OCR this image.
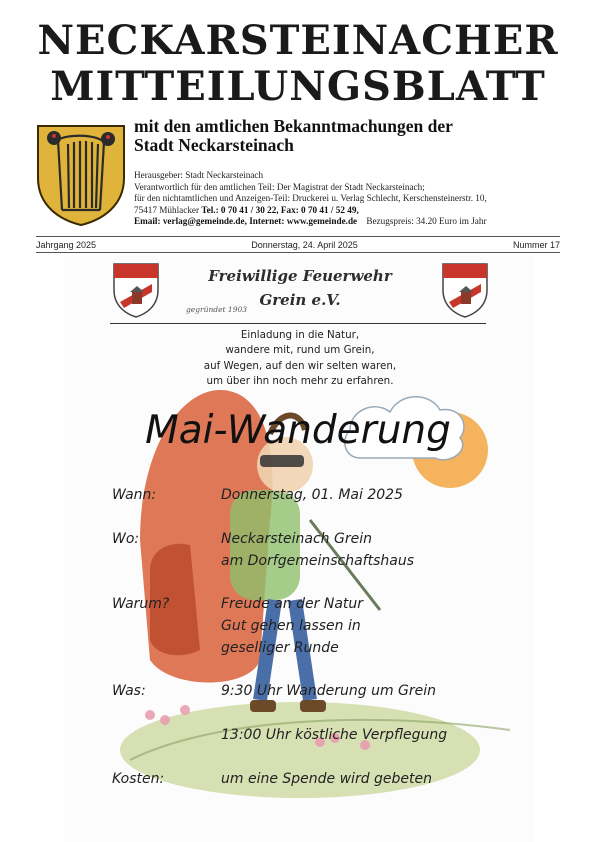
NECKARSTEINACHER
MITTEILUNGSBLATT
mit den amtlichen Bekanntmachungen der
Stadt Neckarsteinach
Herausgeber: Stadt Neckarsteinach
Verantwortlich für den amtlichen Teil: Der Magistrat der Stadt Neckarsteinach;
für den nichtamtlichen und Anzeigen-Teil: Druckerei u. Verlag Schlecht, Kerschensteinerstr. 10,
75417 Mühlacker Tel.: 0 70 41 / 30 22, Fax: 0 70 41 / 52 49,
Email: verlag@gemeinde.de, Internet: www.gemeinde.de Bezugspreis: 34.20 Euro im Jahr
Jahrgang 2025	Donnerstag, 24. April 2025	Nummer 17
Freiwillige Feuerwehr
Grein e.V.
gegründet 1903
Einladung in die Natur,
wandere mit, rund um Grein,
auf Wegen, auf den wir selten waren,
um über ihn noch mehr zu erfahren.
Mai-Wanderung
Wann:	Donnerstag, 01. Mai 2025
Wo:	Neckarsteinach Grein
am Dorfgemeinschaftshaus
Warum?	Freude an der Natur
Gut gehen lassen in
geselliger Runde
Was:	9:30 Uhr Wanderung um Grein
13:00 Uhr köstliche Verpflegung
Kosten:	um eine Spende wird gebeten
